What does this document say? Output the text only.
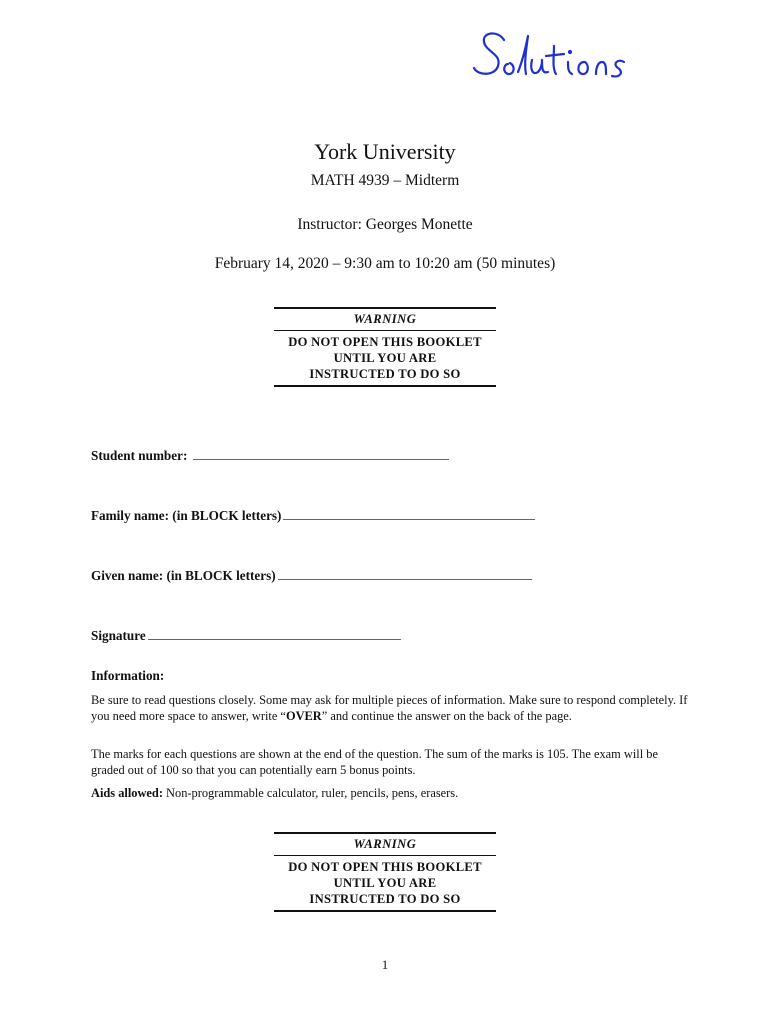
York University
MATH 4939 – Midterm
Instructor: Georges Monette
February 14, 2020 – 9:30 am to 10:20 am (50 minutes)
WARNING
DO NOT OPEN THIS BOOKLET
UNTIL YOU ARE
INSTRUCTED TO DO SO
Student number:
Family name: (in BLOCK letters)
Given name: (in BLOCK letters)
Signature
Information:
Be sure to read questions closely. Some may ask for multiple pieces of information. Make sure to respond completely. If you need more space to answer, write “OVER” and continue the answer on the back of the page.
The marks for each questions are shown at the end of the question. The sum of the marks is 105. The exam will be graded out of 100 so that you can potentially earn 5 bonus points.
Aids allowed: Non-programmable calculator, ruler, pencils, pens, erasers.
WARNING
DO NOT OPEN THIS BOOKLET
UNTIL YOU ARE
INSTRUCTED TO DO SO
1
